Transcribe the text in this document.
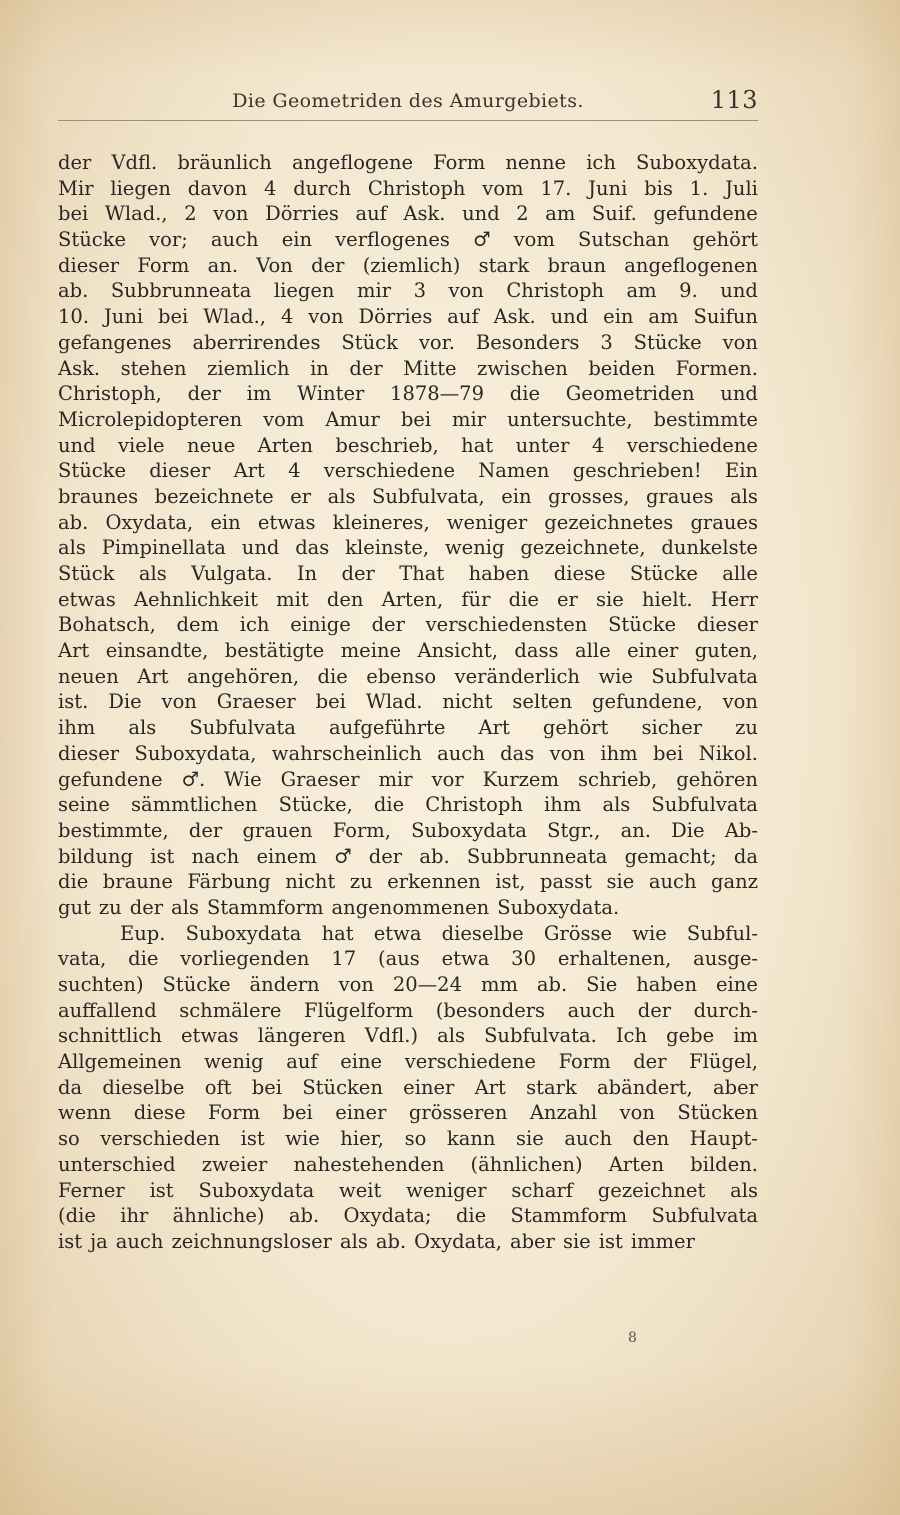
Die Geometriden des Amurgebiets.	113
der Vdfl. bräunlich angeflogene Form nenne ich Suboxydata.
Mir liegen davon 4 durch Christoph vom 17. Juni bis 1. Juli
bei Wlad., 2 von Dörries auf Ask. und 2 am Suif. gefundene
Stücke vor; auch ein verflogenes ♂ vom Sutschan gehört
dieser Form an. Von der (ziemlich) stark braun angeflogenen
ab. Subbrunneata liegen mir 3 von Christoph am 9. und
10. Juni bei Wlad., 4 von Dörries auf Ask. und ein am Suifun
gefangenes aberrirendes Stück vor. Besonders 3 Stücke von
Ask. stehen ziemlich in der Mitte zwischen beiden Formen.
Christoph, der im Winter 1878—79 die Geometriden und
Microlepidopteren vom Amur bei mir untersuchte, bestimmte
und viele neue Arten beschrieb, hat unter 4 verschiedene
Stücke dieser Art 4 verschiedene Namen geschrieben! Ein
braunes bezeichnete er als Subfulvata, ein grosses, graues als
ab. Oxydata, ein etwas kleineres, weniger gezeichnetes graues
als Pimpinellata und das kleinste, wenig gezeichnete, dunkelste
Stück als Vulgata. In der That haben diese Stücke alle
etwas Aehnlichkeit mit den Arten, für die er sie hielt. Herr
Bohatsch, dem ich einige der verschiedensten Stücke dieser
Art einsandte, bestätigte meine Ansicht, dass alle einer guten,
neuen Art angehören, die ebenso veränderlich wie Subfulvata
ist. Die von Graeser bei Wlad. nicht selten gefundene, von
ihm als Subfulvata aufgeführte Art gehört sicher zu
dieser Suboxydata, wahrscheinlich auch das von ihm bei Nikol.
gefundene ♂. Wie Graeser mir vor Kurzem schrieb, gehören
seine sämmtlichen Stücke, die Christoph ihm als Subfulvata
bestimmte, der grauen Form, Suboxydata Stgr., an. Die Ab-
bildung ist nach einem ♂ der ab. Subbrunneata gemacht; da
die braune Färbung nicht zu erkennen ist, passt sie auch ganz
gut zu der als Stammform angenommenen Suboxydata.
Eup. Suboxydata hat etwa dieselbe Grösse wie Subful-
vata, die vorliegenden 17 (aus etwa 30 erhaltenen, ausge-
suchten) Stücke ändern von 20—24 mm ab. Sie haben eine
auffallend schmälere Flügelform (besonders auch der durch-
schnittlich etwas längeren Vdfl.) als Subfulvata. Ich gebe im
Allgemeinen wenig auf eine verschiedene Form der Flügel,
da dieselbe oft bei Stücken einer Art stark abändert, aber
wenn diese Form bei einer grösseren Anzahl von Stücken
so verschieden ist wie hier, so kann sie auch den Haupt-
unterschied zweier nahestehenden (ähnlichen) Arten bilden.
Ferner ist Suboxydata weit weniger scharf gezeichnet als
(die ihr ähnliche) ab. Oxydata; die Stammform Subfulvata
ist ja auch zeichnungsloser als ab. Oxydata, aber sie ist immer
8
